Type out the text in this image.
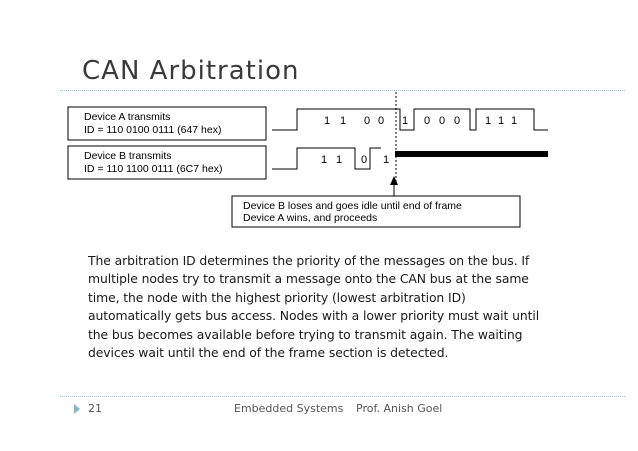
CAN Arbitration
Device A transmits
ID = 110 0100 0111 (647 hex)
Device B transmits
ID = 110 1100 0111 (6C7 hex)
1 1 0 0 1 0 0 0 1 1 1
1 1 0 1
Device B loses and goes idle until end of frame
Device A wins, and proceeds
The arbitration ID determines the priority of the messages on the bus. If multiple nodes try to transmit a message onto the CAN bus at the same time, the node with the highest priority (lowest arbitration ID) automatically gets bus access. Nodes with a lower priority must wait until the bus becomes available before trying to transmit again. The waiting devices wait until the end of the frame section is detected.
21	Embedded Systems Prof. Anish Goel
